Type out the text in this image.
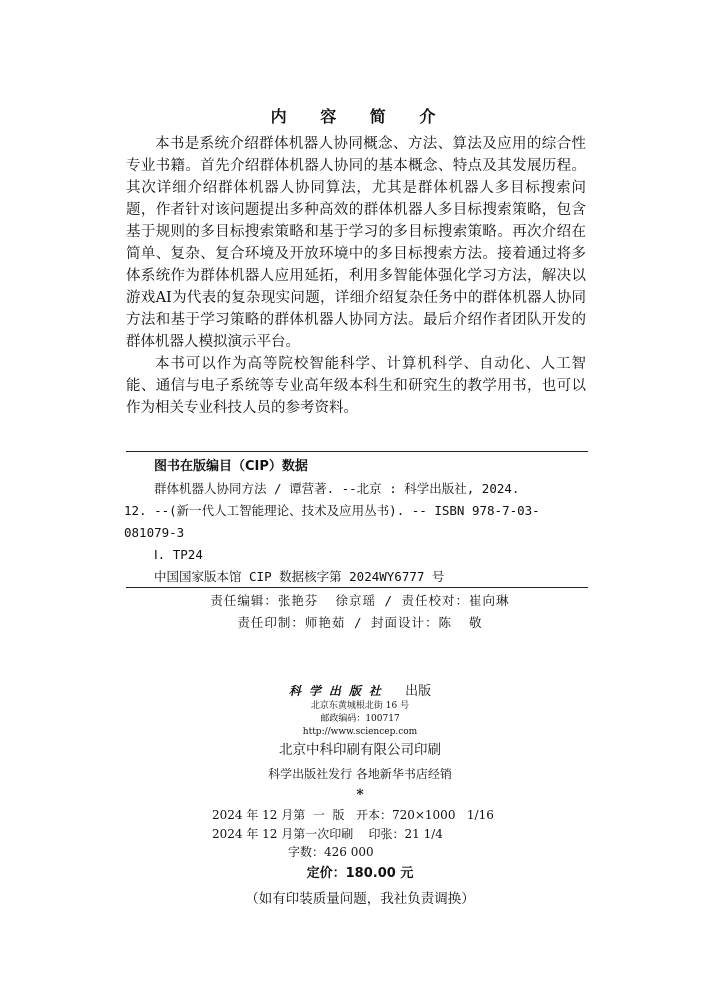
内 容 简 介

本书是系统介绍群体机器人协同概念、方法、算法及应用的综合性专业书籍。首先介绍群体机器人协同的基本概念、特点及其发展历程。其次详细介绍群体机器人协同算法，尤其是群体机器人多目标搜索问题，作者针对该问题提出多种高效的群体机器人多目标搜索策略，包含基于规则的多目标搜索策略和基于学习的多目标搜索策略。再次介绍在简单、复杂、复合环境及开放环境中的多目标搜索方法。接着通过将多体系统作为群体机器人应用延拓，利用多智能体强化学习方法，解决以游戏AI为代表的复杂现实问题，详细介绍复杂任务中的群体机器人协同方法和基于学习策略的群体机器人协同方法。最后介绍作者团队开发的群体机器人模拟演示平台。

本书可以作为高等院校智能科学、计算机科学、自动化、人工智能、通信与电子系统等专业高年级本科生和研究生的教学用书，也可以作为相关专业科技人员的参考资料。

图书在版编目（CIP）数据
群体机器人协同方法 / 谭营著. --北京 : 科学出版社, 2024.
12. --(新一代人工智能理论、技术及应用丛书). -- ISBN 978-7-03-
081079-3
Ⅰ. TP24
中国国家版本馆 CIP 数据核字第 2024WY6777 号
责任编辑：张艳芬  徐京瑶 / 责任校对：崔向琳
责任印制：师艳茹 / 封面设计：陈  敬
科学出版社 出版
北京东黄城根北街 16 号
邮政编码：100717
http://www.sciencep.com
北京中科印刷有限公司印刷
科学出版社发行 各地新华书店经销
*
2024 年 12 月第  一  版   开本：720×1000   1/16
2024 年 12 月第一次印刷    印张：21 1/4
字数：426 000
定价：180.00 元
（如有印装质量问题，我社负责调换）
